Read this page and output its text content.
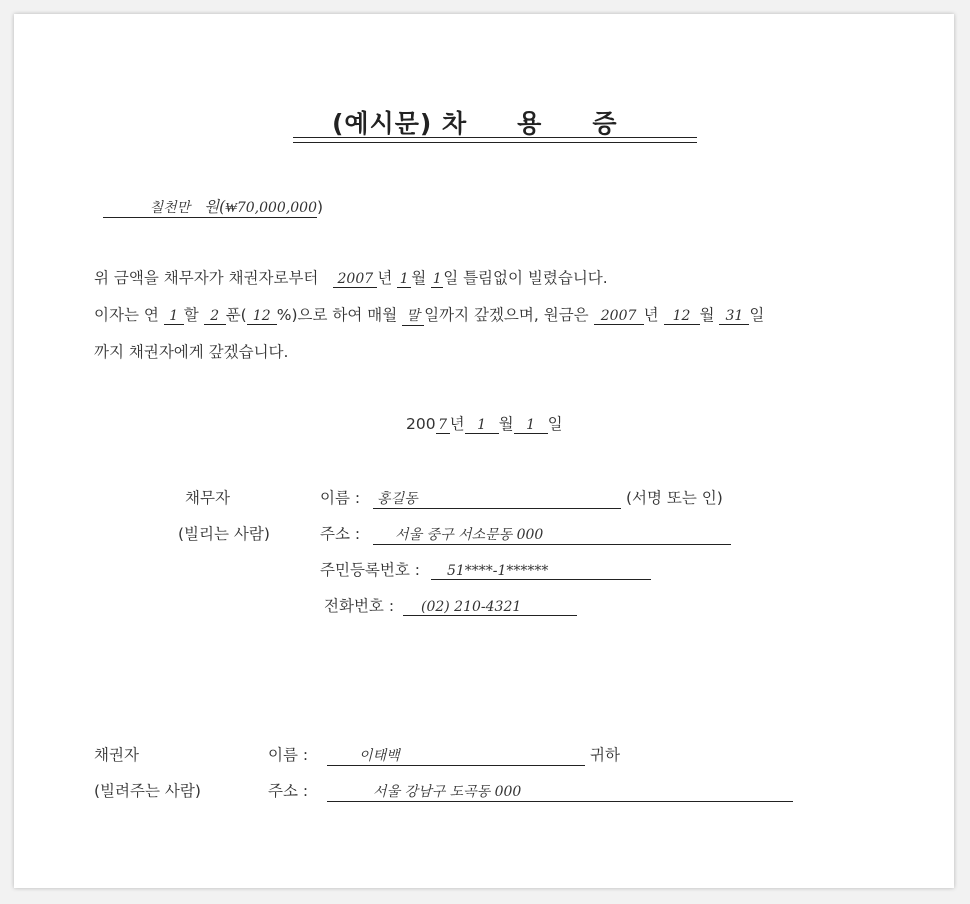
(예시문) 차 용 증
칠천만 원(₩70,000,000)
위 금액을 채무자가 채권자로부터 2007 년 1 월 1일 틀림없이 빌렸습니다.
이자는 연 1 할 2 푼( 12 %)으로 하여 매월 말 일까지 갚겠으며, 원금은 2007 년 12 월 31 일
까지 채권자에게 갚겠습니다.
200 7 년 1 월 1 일
채무자
(빌리는 사람)
이름 : 홍길동	(서명 또는 인)
주소 : 서울 중구 서소문동 000
주민등록번호 : 51****-1******
전화번호 : (02) 210-4321
채권자
(빌려주는 사람)
이름 :	이태백	귀하
주소 :	서울 강남구 도곡동 000
